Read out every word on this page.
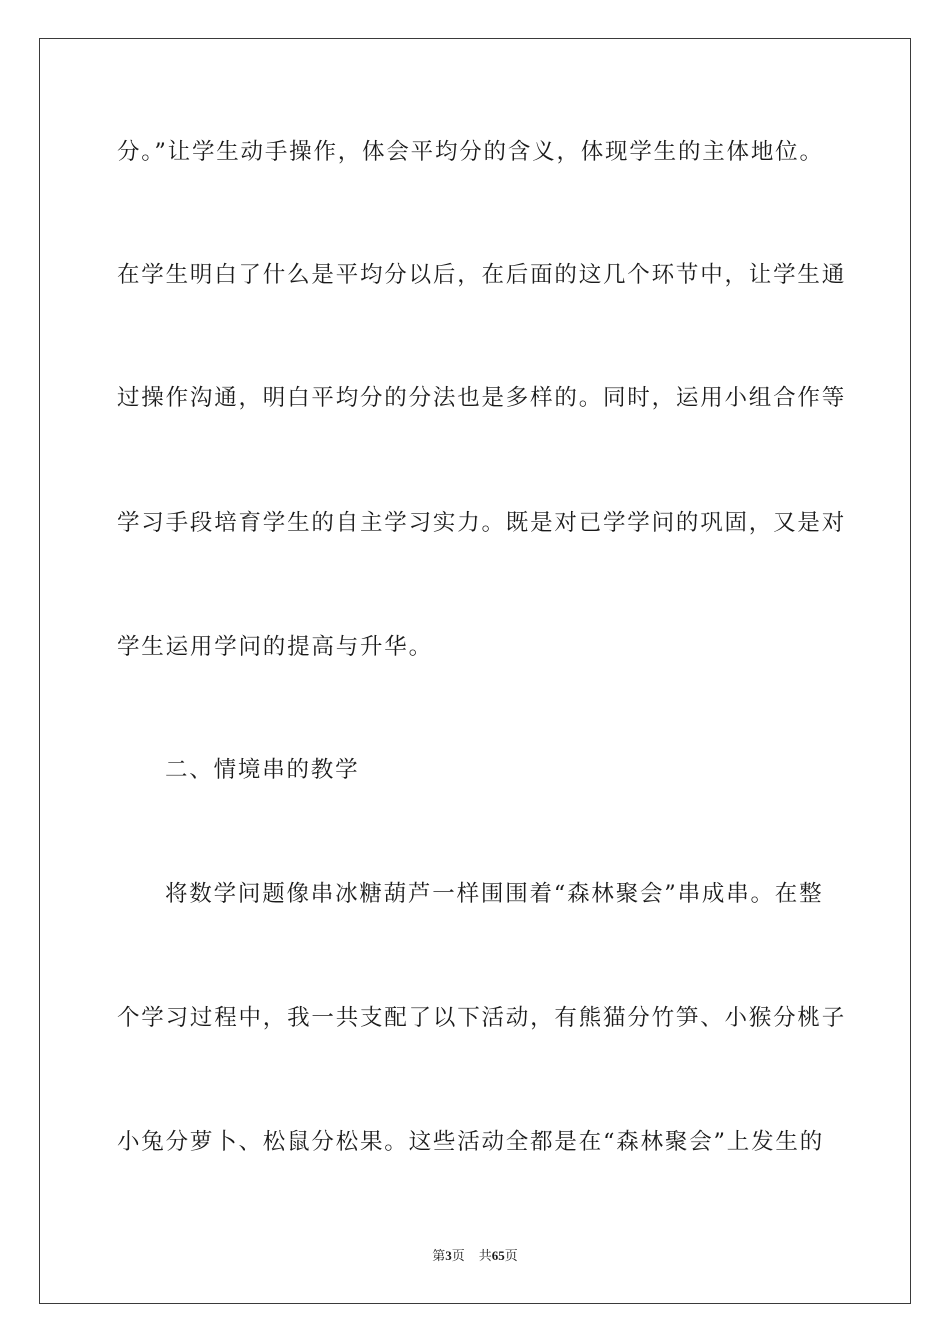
分。”让学生动手操作，体会平均分的含义，体现学生的主体地位。
在学生明白了什么是平均分以后，在后面的这几个环节中，让学生通
过操作沟通，明白平均分的分法也是多样的。同时，运用小组合作等
学习手段培育学生的自主学习实力。既是对已学学问的巩固，又是对
学生运用学问的提高与升华。
二、情境串的教学
将数学问题像串冰糖葫芦一样围围着“森林聚会”串成串。在整
个学习过程中，我一共支配了以下活动，有熊猫分竹笋、小猴分桃子
小兔分萝卜、松鼠分松果。这些活动全都是在“森林聚会”上发生的
第3页 共65页
